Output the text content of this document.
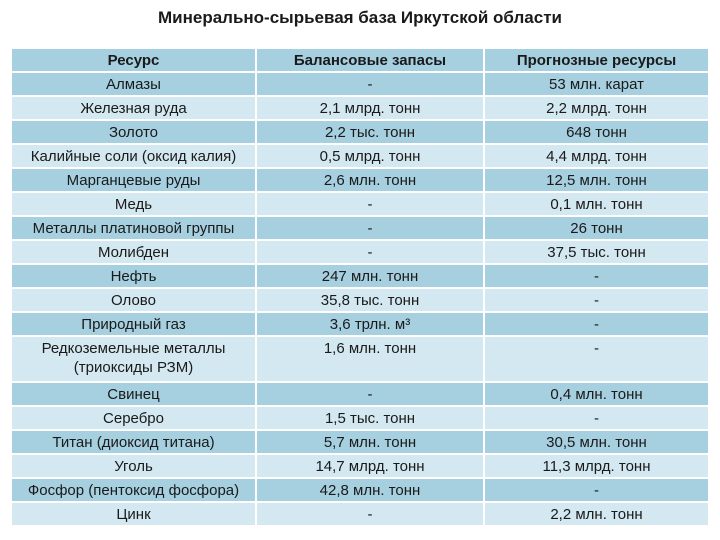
Минерально-сырьевая база Иркутской области
Ресурс	Балансовые запасы	Прогнозные ресурсы
Алмазы	-	53 млн. карат
Железная руда	2,1 млрд. тонн	2,2 млрд. тонн
Золото	2,2 тыс. тонн	648 тонн
Калийные соли (оксид калия)	0,5 млрд. тонн	4,4 млрд. тонн
Марганцевые руды	2,6 млн. тонн	12,5 млн. тонн
Медь	-	0,1 млн. тонн
Металлы платиновой группы	-	26 тонн
Молибден	-	37,5 тыс. тонн
Нефть	247 млн. тонн	-
Олово	35,8 тыс. тонн	-
Природный газ	3,6 трлн. м³	-
Редкоземельные металлы (триоксиды РЗМ)	1,6 млн. тонн	-
Свинец	-	0,4 млн. тонн
Серебро	1,5 тыс. тонн	-
Титан (диоксид титана)	5,7 млн. тонн	30,5 млн. тонн
Уголь	14,7 млрд. тонн	11,3 млрд. тонн
Фосфор (пентоксид фосфора)	42,8 млн. тонн	-
Цинк	-	2,2 млн. тонн
